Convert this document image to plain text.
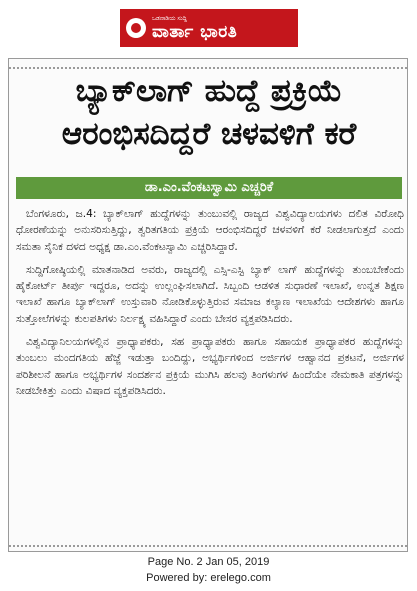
ಒಡನಾಡಿಯ ಸುದ್ದಿ
ವಾರ್ತಾ ಭಾರತಿ
ಬ್ಯಾಕ್‌ಲಾಗ್ ಹುದ್ದೆ ಪ್ರಕ್ರಿಯೆ
ಆರಂಭಿಸದಿದ್ದರೆ ಚಳವಳಿಗೆ ಕರೆ
ಡಾ.ಎಂ.ವೆಂಕಟಸ್ವಾಮಿ ಎಚ್ಚರಿಕೆ

ಬೆಂಗಳೂರು, ಜ.4: ಬ್ಯಾಕ್‌ಲಾಗ್ ಹುದ್ದೆಗಳನ್ನು ತುಂಬುವಲ್ಲಿ ರಾಜ್ಯದ ವಿಶ್ವವಿದ್ಯಾಲಯಗಳು ದಲಿತ ವಿರೋಧಿ ಧೋರಣೆಯನ್ನು ಅನುಸರಿಸುತ್ತಿದ್ದು, ತ್ವರಿತಗತಿಯ ಪ್ರಕ್ರಿಯೆ ಆರಂಭಿಸದಿದ್ದರೆ ಚಳವಳಿಗೆ ಕರೆ ನೀಡಲಾಗುತ್ತದೆ ಎಂದು ಸಮತಾ ಸೈನಿಕ ದಳದ ಅಧ್ಯಕ್ಷ ಡಾ.ಎಂ.ವೆಂಕಟಸ್ವಾಮಿ ಎಚ್ಚರಿಸಿದ್ದಾರೆ.

ಸುದ್ದಿಗೋಷ್ಠಿಯಲ್ಲಿ ಮಾತನಾಡಿದ ಅವರು, ರಾಜ್ಯದಲ್ಲಿ ಎಸ್ಸಿ-ಎಸ್ಟಿ ಬ್ಯಾಕ್ ಲಾಗ್ ಹುದ್ದೆಗಳನ್ನು ತುಂಬಬೇಕೆಂದು ಹೈಕೋರ್ಟ್ ತೀರ್ಪು ಇದ್ದರೂ, ಅದನ್ನು ಉಲ್ಲಂಘಿಸಲಾಗಿದೆ. ಸಿಬ್ಬಂದಿ ಆಡಳಿತ ಸುಧಾರಣೆ ಇಲಾಖೆ, ಉನ್ನತ ಶಿಕ್ಷಣ ಇಲಾಖೆ ಹಾಗೂ ಬ್ಯಾಕ್‌ಲಾಗ್ ಉಸ್ತುವಾರಿ ನೋಡಿಕೊಳ್ಳುತ್ತಿರುವ ಸಮಾಜ ಕಲ್ಯಾಣ ಇಲಾಖೆಯ ಆದೇಶಗಳು ಹಾಗೂ ಸುತ್ತೋಲೆಗಳನ್ನು ಕುಲಪತಿಗಳು ನಿರ್ಲಕ್ಷ್ಯ ವಹಿಸಿದ್ದಾರೆ ಎಂದು ಬೇಸರ ವ್ಯಕ್ತಪಡಿಸಿದರು.

ವಿಶ್ವವಿದ್ಯಾನಿಲಯಗಳಲ್ಲಿನ ಪ್ರಾಧ್ಯಾಪಕರು, ಸಹ ಪ್ರಾಧ್ಯಾಪಕರು ಹಾಗೂ ಸಹಾಯಕ ಪ್ರಾಧ್ಯಾಪಕರ ಹುದ್ದೆಗಳನ್ನು ತುಂಬಲು ಮಂದಗತಿಯ ಹೆಜ್ಜೆ ಇಡುತ್ತಾ ಬಂದಿದ್ದು, ಅಭ್ಯರ್ಥಿಗಳಿಂದ ಅರ್ಜಿಗಳ ಆಹ್ವಾನದ ಪ್ರಕಟನೆ, ಅರ್ಜಿಗಳ ಪರಿಶೀಲನೆ ಹಾಗೂ ಅಭ್ಯರ್ಥಿಗಳ ಸಂದರ್ಶನ ಪ್ರಕ್ರಿಯೆ ಮುಗಿಸಿ ಹಲವು ತಿಂಗಳುಗಳ ಹಿಂದೆಯೇ ನೇಮಕಾತಿ ಪತ್ರಗಳನ್ನು ನೀಡಬೇಕಿತ್ತು ಎಂದು ವಿಷಾದ ವ್ಯಕ್ತಪಡಿಸಿದರು.

Page No. 2 Jan 05, 2019
Powered by: erelego.com
